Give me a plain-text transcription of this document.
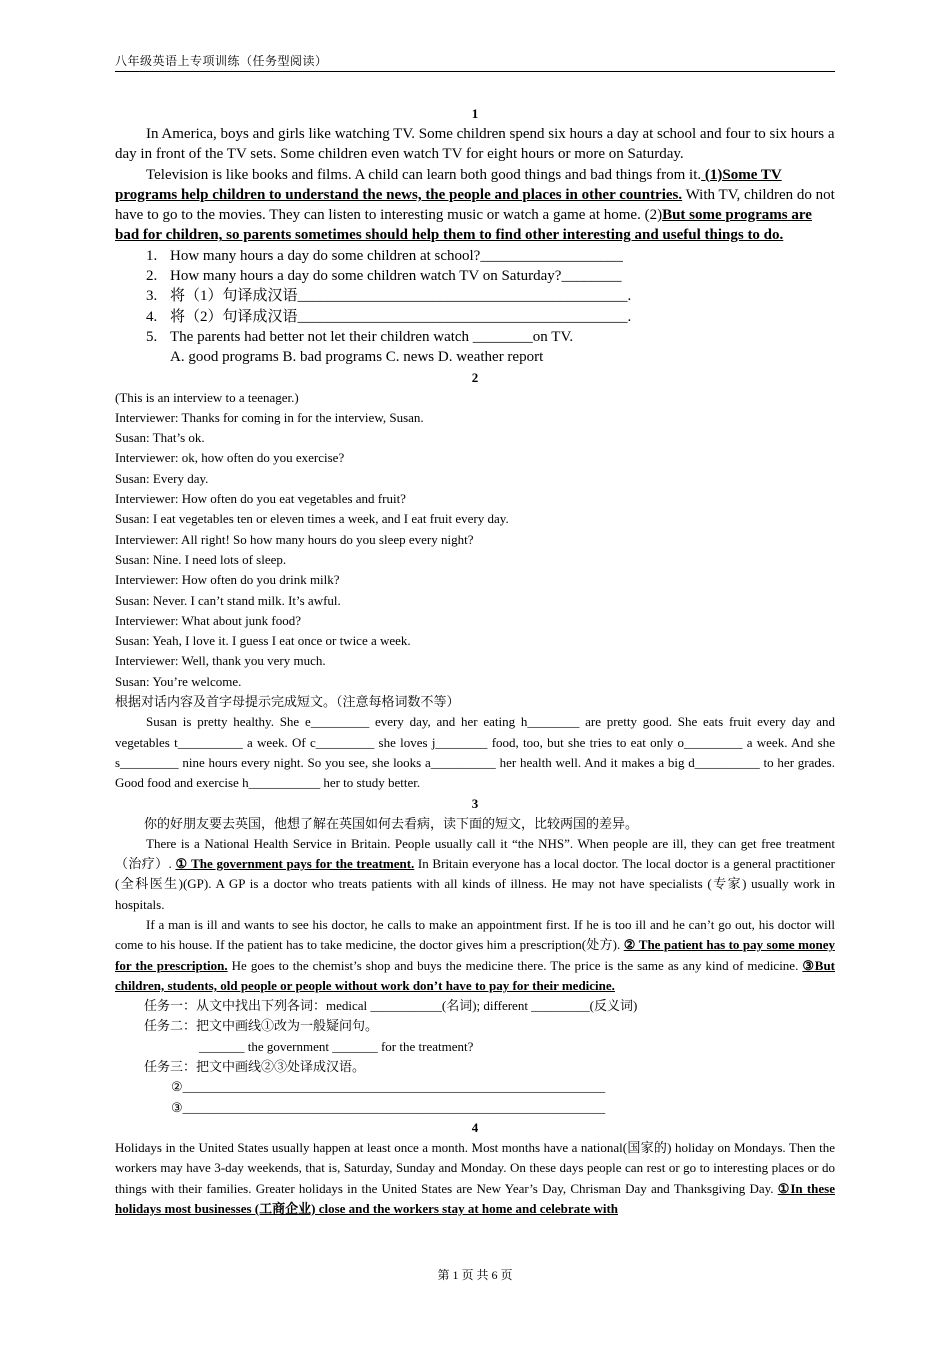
八年级英语上专项训练（任务型阅读）
1

In America, boys and girls like watching TV. Some children spend six hours a day at school and four to six hours a day in front of the TV sets. Some children even watch TV for eight hours or more on Saturday.

Television is like books and films. A child can learn both good things and bad things from it. (1)Some TV programs help children to understand the news, the people and places in other countries. With TV, children do not have to go to the movies. They can listen to interesting music or watch a game at home. (2)But some programs are bad for children, so parents sometimes should help them to find other interesting and useful things to do.

1. How many hours a day do some children at school?___________________
2. How many hours a day do some children watch TV on Saturday?________
3. 将（1）句译成汉语____________________________________________.
4. 将（2）句译成汉语____________________________________________.
5. The parents had better not let their children watch ________on TV.
A. good programs B. bad programs C. news D. weather report
2

(This is an interview to a teenager.)

Interviewer: Thanks for coming in for the interview, Susan.

Susan: That’s ok.

Interviewer: ok, how often do you exercise?

Susan: Every day.

Interviewer: How often do you eat vegetables and fruit?

Susan: I eat vegetables ten or eleven times a week, and I eat fruit every day.

Interviewer: All right! So how many hours do you sleep every night?

Susan: Nine. I need lots of sleep.

Interviewer: How often do you drink milk?

Susan: Never. I can’t stand milk. It’s awful.

Interviewer: What about junk food?

Susan: Yeah, I love it. I guess I eat once or twice a week.

Interviewer: Well, thank you very much.

Susan: You’re welcome.

根据对话内容及首字母提示完成短文。（注意每格词数不等）

Susan is pretty healthy. She e_________ every day, and her eating h________ are pretty good. She eats fruit every day and vegetables t__________ a week. Of c_________ she loves j________ food, too, but she tries to eat only o_________ a week. And she s_________ nine hours every night. So you see, she looks a__________ her health well. And it makes a big d__________ to her grades. Good food and exercise h___________ her to study better.

3

你的好朋友要去英国，他想了解在英国如何去看病，读下面的短文，比较两国的差异。

There is a National Health Service in Britain. People usually call it “the NHS”. When people are ill, they can get free treatment （治疗）. ① The government pays for the treatment. In Britain everyone has a local doctor. The local doctor is a general practitioner (全科医生)(GP). A GP is a doctor who treats patients with all kinds of illness. He may not have specialists (专家) usually work in hospitals.

If a man is ill and wants to see his doctor, he calls to make an appointment first. If he is too ill and he can’t go out, his doctor will come to his house. If the patient has to take medicine, the doctor gives him a prescription(处方). ② The patient has to pay some money for the prescription. He goes to the chemist’s shop and buys the medicine there. The price is the same as any kind of medicine. ③But children, students, old people or people without work don’t have to pay for their medicine.

任务一：从文中找出下列各词：medical ___________(名词); different _________(反义词)

任务二：把文中画线①改为一般疑问句。

_______ the government _______ for the treatment?

任务三：把文中画线②③处译成汉语。

②_________________________________________________________________

③_________________________________________________________________

4

Holidays in the United States usually happen at least once a month. Most months have a national(国家的) holiday on Mondays. Then the workers may have 3-day weekends, that is, Saturday, Sunday and Monday. On these days people can rest or go to interesting places or do things with their families. Greater holidays in the United States are New Year’s Day, Chrisman Day and Thanksgiving Day. ①In these holidays most businesses (工商企业) close and the workers stay at home and celebrate with

第 1 页 共 6 页
